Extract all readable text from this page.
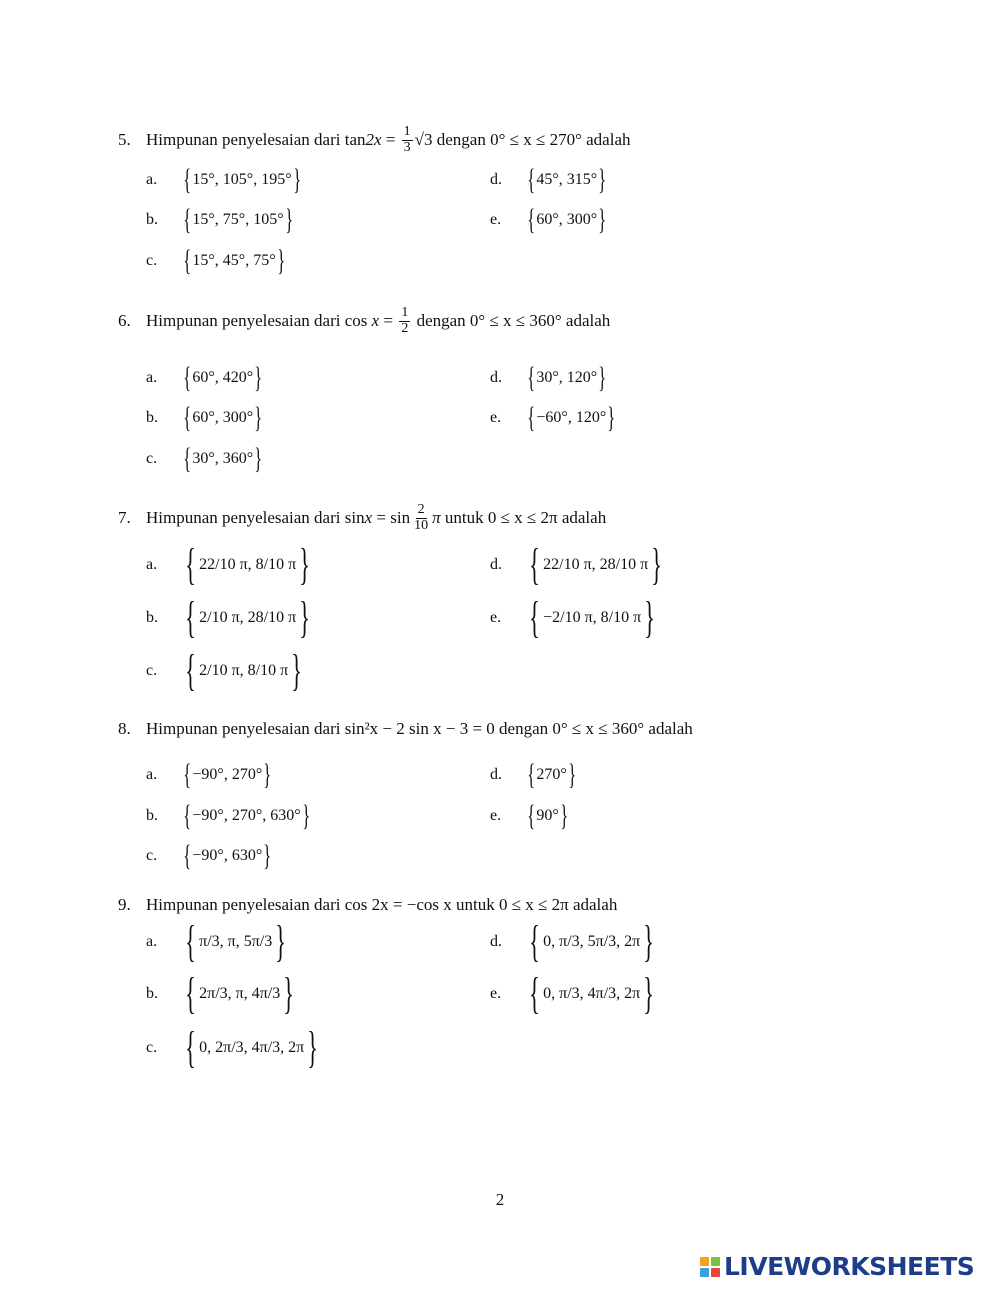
5. Himpunan penyelesaian dari
$\tan 2x = \frac{1}{3} √3$
dengan 0° ≤ x ≤ 270°
adalah
a. { 15°, 105°, 195° }
b. { 15°, 75°, 105° }
c. { 15°, 45°, 75° }
d. { 45°, 315° }
e. { 60°, 300° }
6. Himpunan penyelesaian dari
cos
$x = \frac{1}{2}$
dengan 0° ≤ x ≤ 360°
adalah
a. { 60°, 420° }
b. { 60°, 300° }
c. { 30°, 360° }
d. { 30°, 120° }
e. { −60°, 120° }
7. Himpunan penyelesaian dari
$\sin x = \sin \frac{2}{10}$ π
untuk 0 ≤ x ≤ 2π
adalah
a. { 22/10 π, 8/10 π }
b. { 2/10 π, 28/10 π }
c. { 2/10 π, 8/10 π }
d. { 22/10 π, 28/10 π }
e. { −2/10 π, 8/10 π }
8. Himpunan penyelesaian dari
sin²x − 2 sin x − 3 = 0
dengan 0° ≤ x ≤ 360°
adalah
a. { −90°, 270° }
b. { −90°, 270°, 630° }
c. { −90°, 630° }
d. { 270° }
e. { 90° }
9. Himpunan penyelesaian dari
cos 2x = −cos x
untuk 0 ≤ x ≤ 2π
adalah
a. { π/3, π, 5π/3 }
b. { 2π/3, π, 4π/3 }
c. { 0, 2π/3, 4π/3, 2π }
d. { 0, π/3, 5π/3, 2π }
e. { 0, π/3, 4π/3, 2π }
2
LIVEWORKSHEETS
